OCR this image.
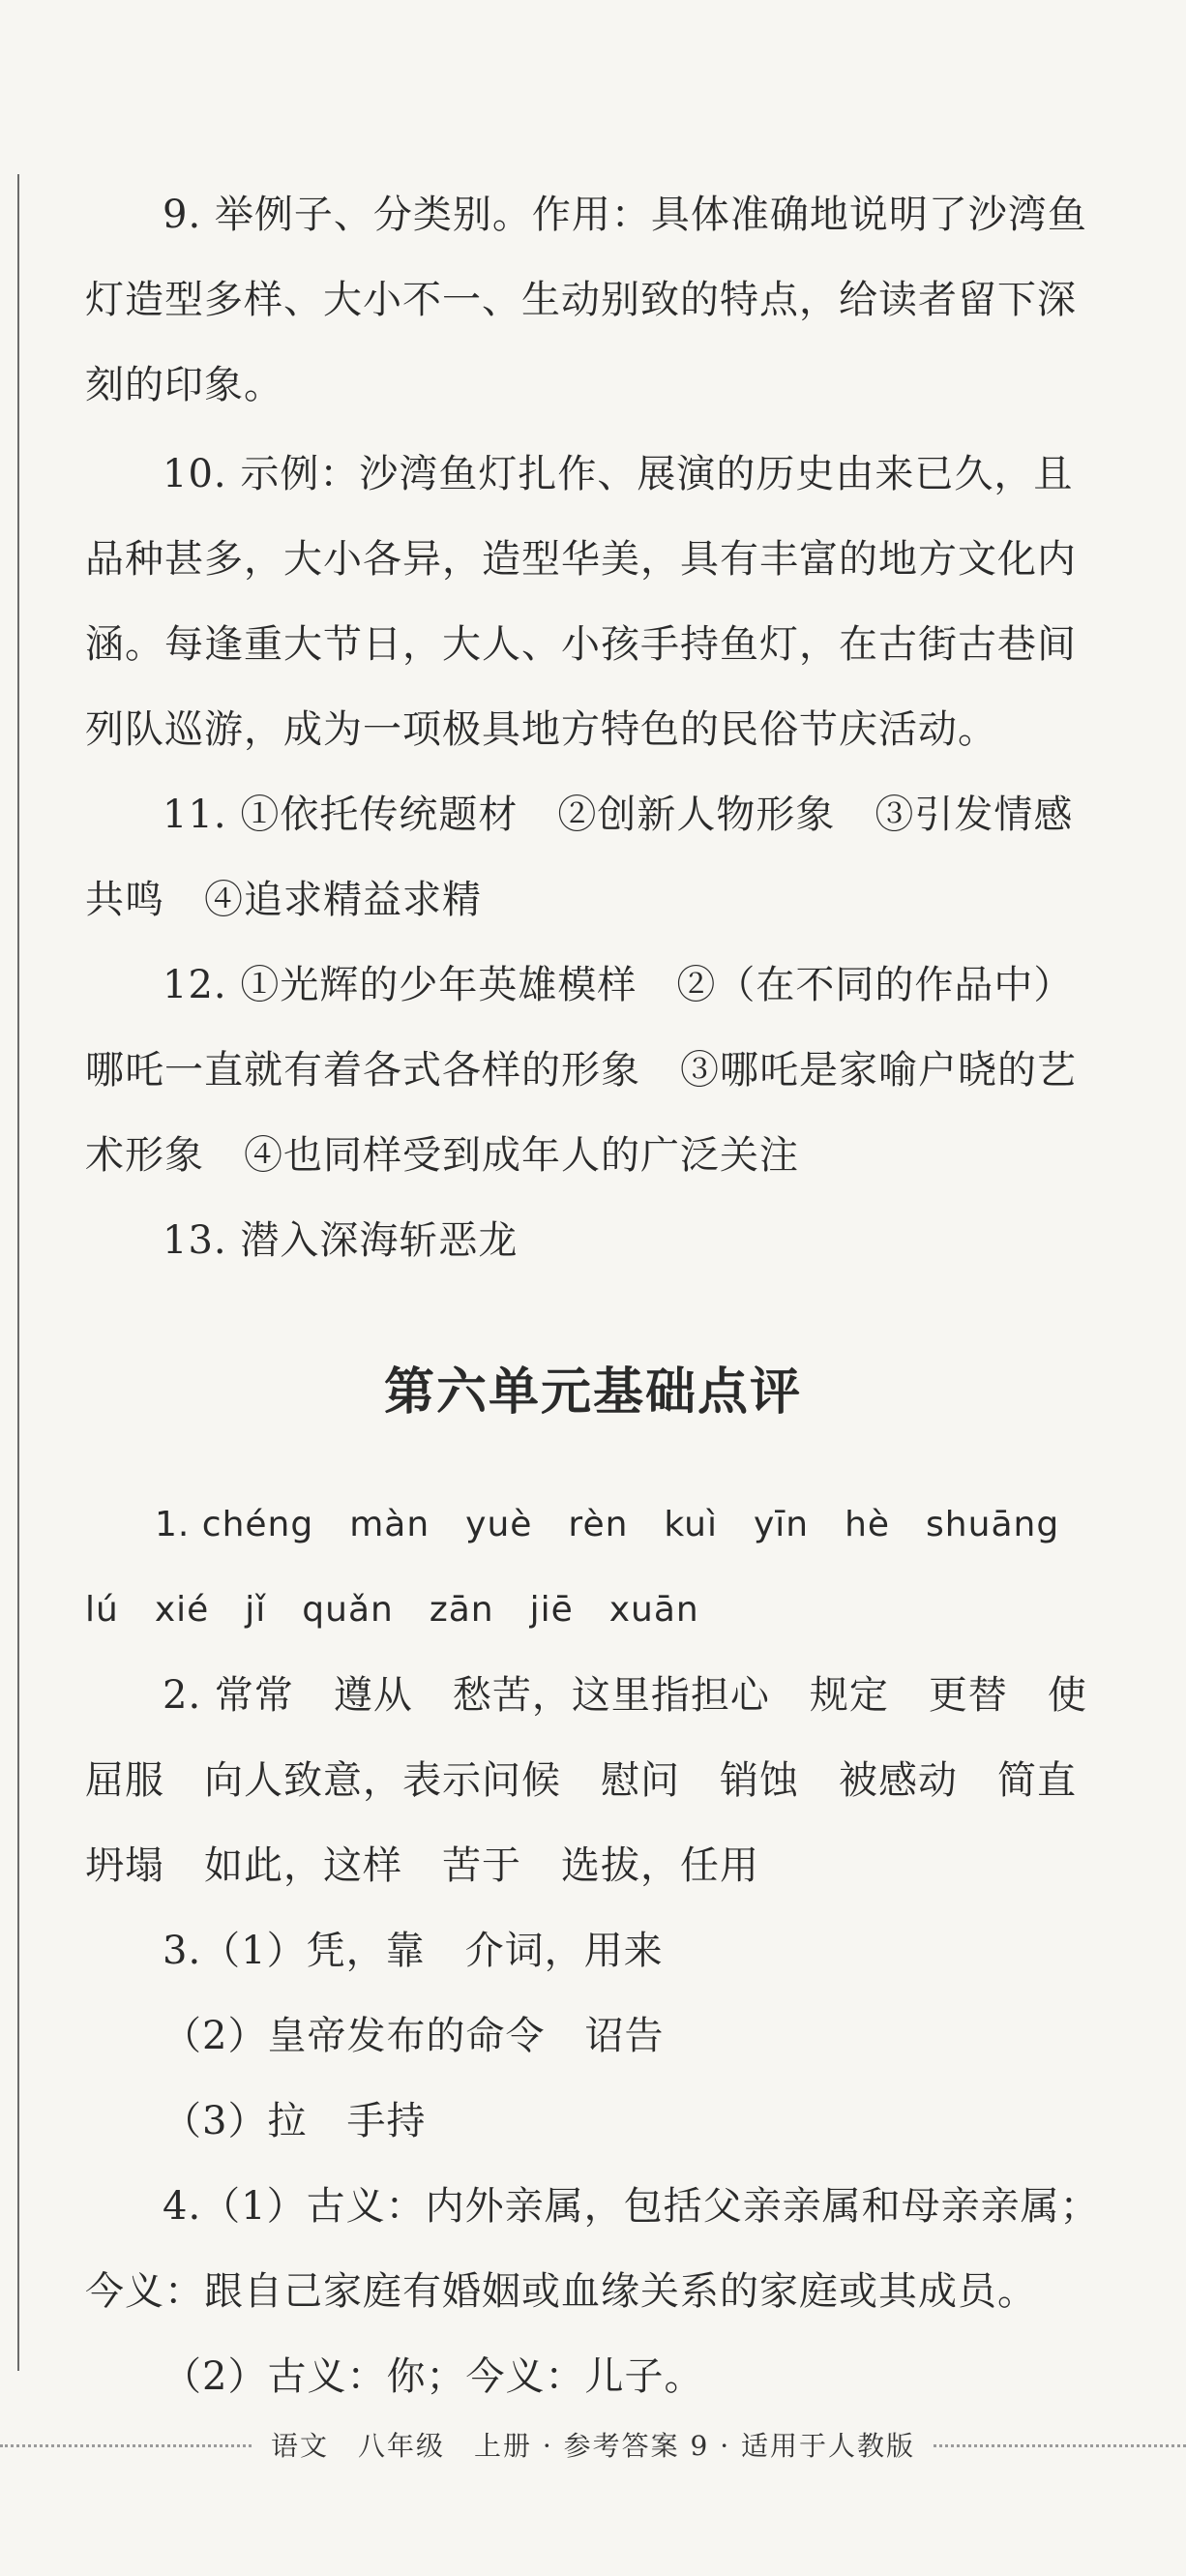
9. 举例子、分类别。作用：具体准确地说明了沙湾鱼灯造型多样、大小不一、生动别致的特点，给读者留下深刻的印象。

10. 示例：沙湾鱼灯扎作、展演的历史由来已久，且品种甚多，大小各异，造型华美，具有丰富的地方文化内涵。每逢重大节日，大人、小孩手持鱼灯，在古街古巷间列队巡游，成为一项极具地方特色的民俗节庆活动。

11. ①依托传统题材　②创新人物形象　③引发情感共鸣　④追求精益求精

12. ①光辉的少年英雄模样　②（在不同的作品中）哪吒一直就有着各式各样的形象　③哪吒是家喻户晓的艺术形象　④也同样受到成年人的广泛关注

13. 潜入深海斩恶龙

第六单元基础点评

1. chéng　màn　yuè　rèn　kuì　yīn　hè　shuāng　lú　xié　jǐ　quǎn　zān　jiē　xuān

2. 常常　遵从　愁苦，这里指担心　规定　更替　使屈服　向人致意，表示问候　慰问　销蚀　被感动　简直　坍塌　如此，这样　苦于　选拔，任用

3.（1）凭，靠　介词，用来

（2）皇帝发布的命令　诏告

（3）拉　手持

4.（1）古义：内外亲属，包括父亲亲属和母亲亲属；今义：跟自己家庭有婚姻或血缘关系的家庭或其成员。

（2）古义：你；今义：儿子。

语文　八年级　上册 · 参考答案 9 · 适用于人教版
